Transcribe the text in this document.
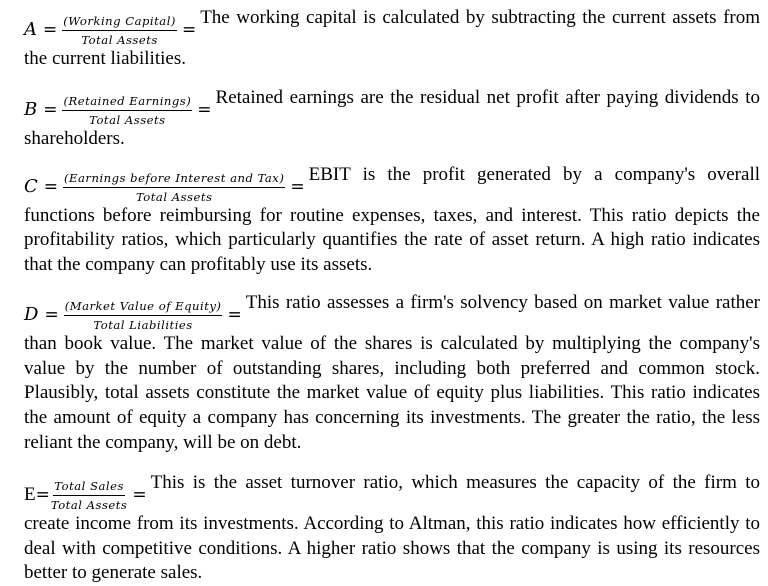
$A = \frac{\text{(Working Capital)}}{\text{Total Assets}}$ =
The working capital is calculated by subtracting the current assets from the current liabilities.

$B = \frac{\text{(Retained Earnings)}}{\text{Total Assets}}$ =
Retained earnings are the residual net profit after paying dividends to shareholders.

$C = \frac{\text{(Earnings before Interest and Tax)}}{\text{Total Assets}}$ =
EBIT is the profit generated by a company's overall functions before reimbursing for routine expenses, taxes, and interest. This ratio depicts the profitability ratios, which particularly quantifies the rate of asset return. A high ratio indicates that the company can profitably use its assets.

$D = \frac{\text{(Market Value of Equity)}}{\text{Total Liabilities}}$ =
This ratio assesses a firm's solvency based on market value rather than book value. The market value of the shares is calculated by multiplying the company's value by the number of outstanding shares, including both preferred and common stock. Plausibly, total assets constitute the market value of equity plus liabilities. This ratio indicates the amount of equity a company has concerning its investments. The greater the ratio, the less reliant the company, will be on debt.

$E = \frac{\text{Total Sales}}{\text{Total Assets}}$ =
This is the asset turnover ratio, which measures the capacity of the firm to create income from its investments. According to Altman, this ratio indicates how efficiently to deal with competitive conditions. A higher ratio shows that the company is using its resources better to generate sales.
